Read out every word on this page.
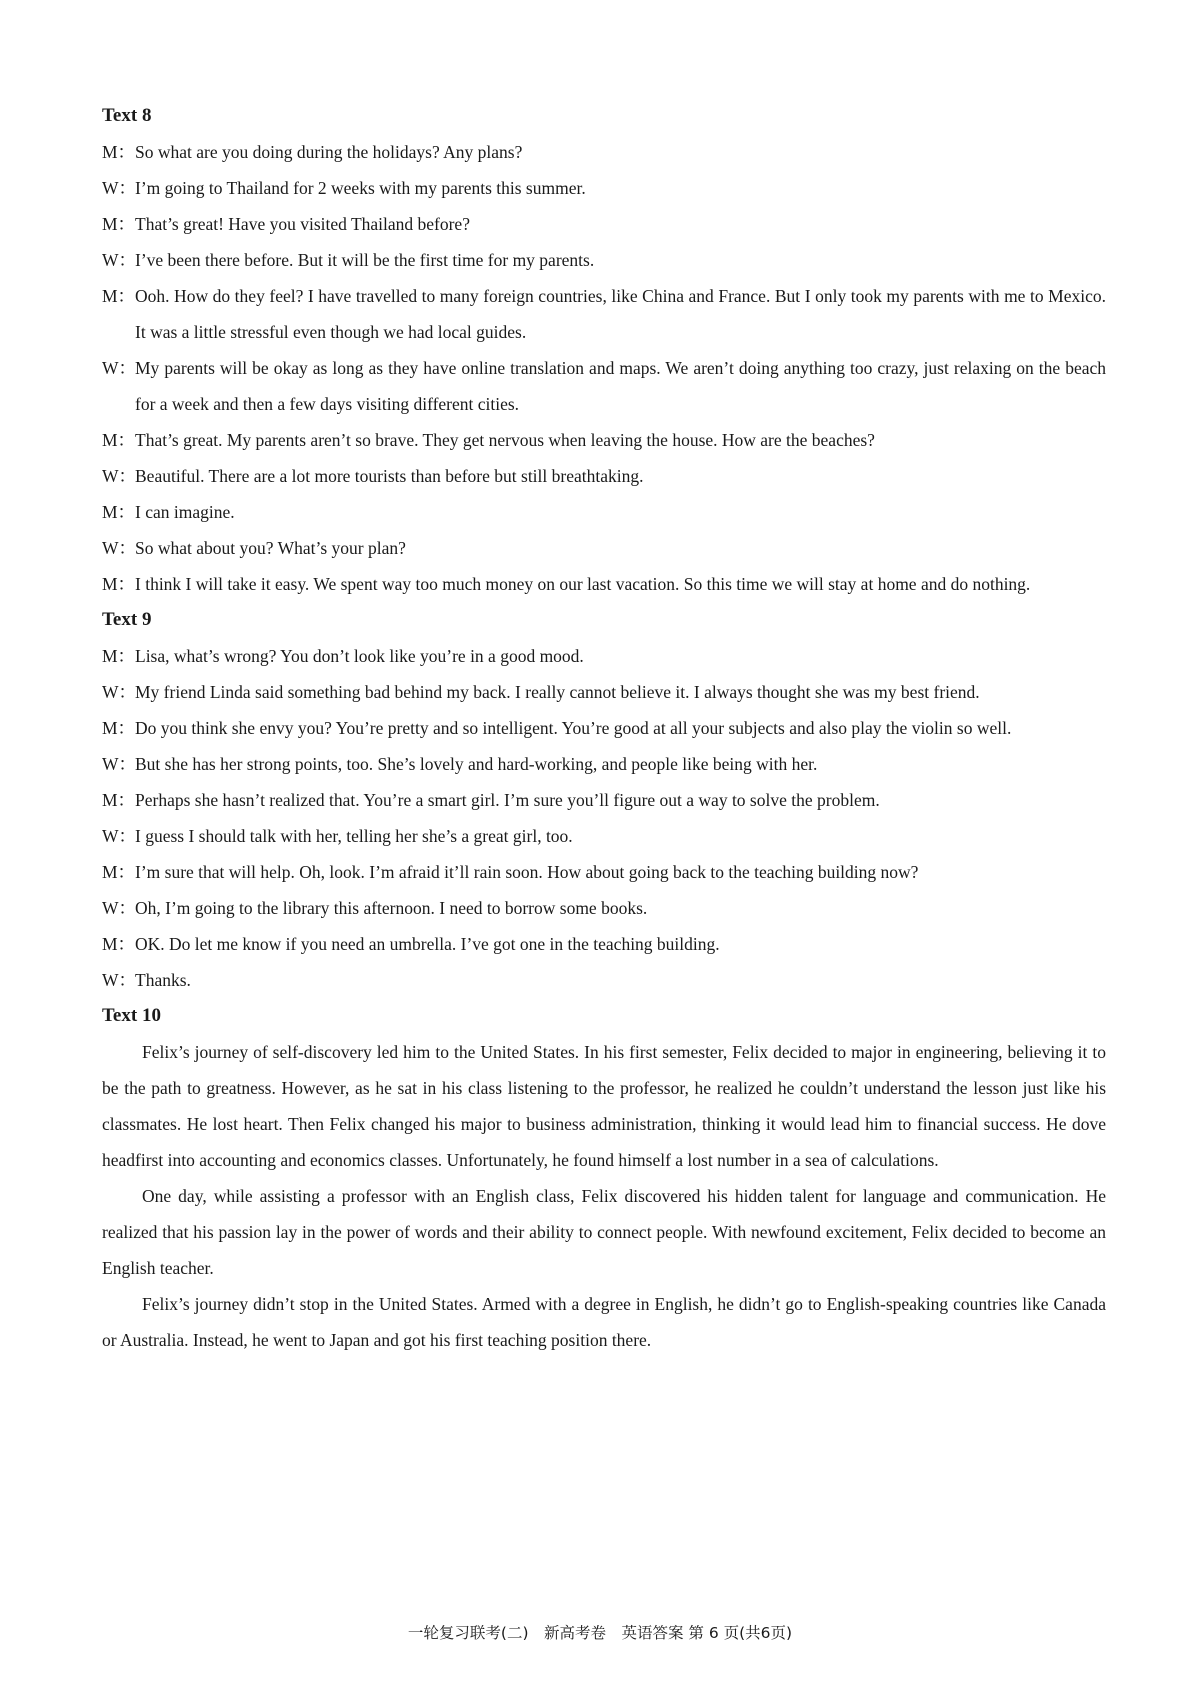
Text 8
M：So what are you doing during the holidays? Any plans?
W：I’m going to Thailand for 2 weeks with my parents this summer.
M：That’s great! Have you visited Thailand before?
W：I’ve been there before. But it will be the first time for my parents.
M：Ooh. How do they feel? I have travelled to many foreign countries, like China and France. But I only took my parents with me to Mexico. It was a little stressful even though we had local guides.
W：My parents will be okay as long as they have online translation and maps. We aren’t doing anything too crazy, just relaxing on the beach for a week and then a few days visiting different cities.
M：That’s great. My parents aren’t so brave. They get nervous when leaving the house. How are the beaches?
W：Beautiful. There are a lot more tourists than before but still breathtaking.
M：I can imagine.
W：So what about you? What’s your plan?
M：I think I will take it easy. We spent way too much money on our last vacation. So this time we will stay at home and do nothing.
Text 9
M：Lisa, what’s wrong? You don’t look like you’re in a good mood.
W：My friend Linda said something bad behind my back. I really cannot believe it. I always thought she was my best friend.
M：Do you think she envy you? You’re pretty and so intelligent. You’re good at all your subjects and also play the violin so well.
W：But she has her strong points, too. She’s lovely and hard-working, and people like being with her.
M：Perhaps she hasn’t realized that. You’re a smart girl. I’m sure you’ll figure out a way to solve the problem.
W：I guess I should talk with her, telling her she’s a great girl, too.
M：I’m sure that will help. Oh, look. I’m afraid it’ll rain soon. How about going back to the teaching building now?
W：Oh, I’m going to the library this afternoon. I need to borrow some books.
M：OK. Do let me know if you need an umbrella. I’ve got one in the teaching building.
W：Thanks.
Text 10
Felix’s journey of self-discovery led him to the United States. In his first semester, Felix decided to major in engineering, believing it to be the path to greatness. However, as he sat in his class listening to the professor, he realized he couldn’t understand the lesson just like his classmates. He lost heart. Then Felix changed his major to business administration, thinking it would lead him to financial success. He dove headfirst into accounting and economics classes. Unfortunately, he found himself a lost number in a sea of calculations.
One day, while assisting a professor with an English class, Felix discovered his hidden talent for language and communication. He realized that his passion lay in the power of words and their ability to connect people. With newfound excitement, Felix decided to become an English teacher.
Felix’s journey didn’t stop in the United States. Armed with a degree in English, he didn’t go to English-speaking countries like Canada or Australia. Instead, he went to Japan and got his first teaching position there.
一轮复习联考(二)　新高考卷　英语答案 第 6 页(共6页)
